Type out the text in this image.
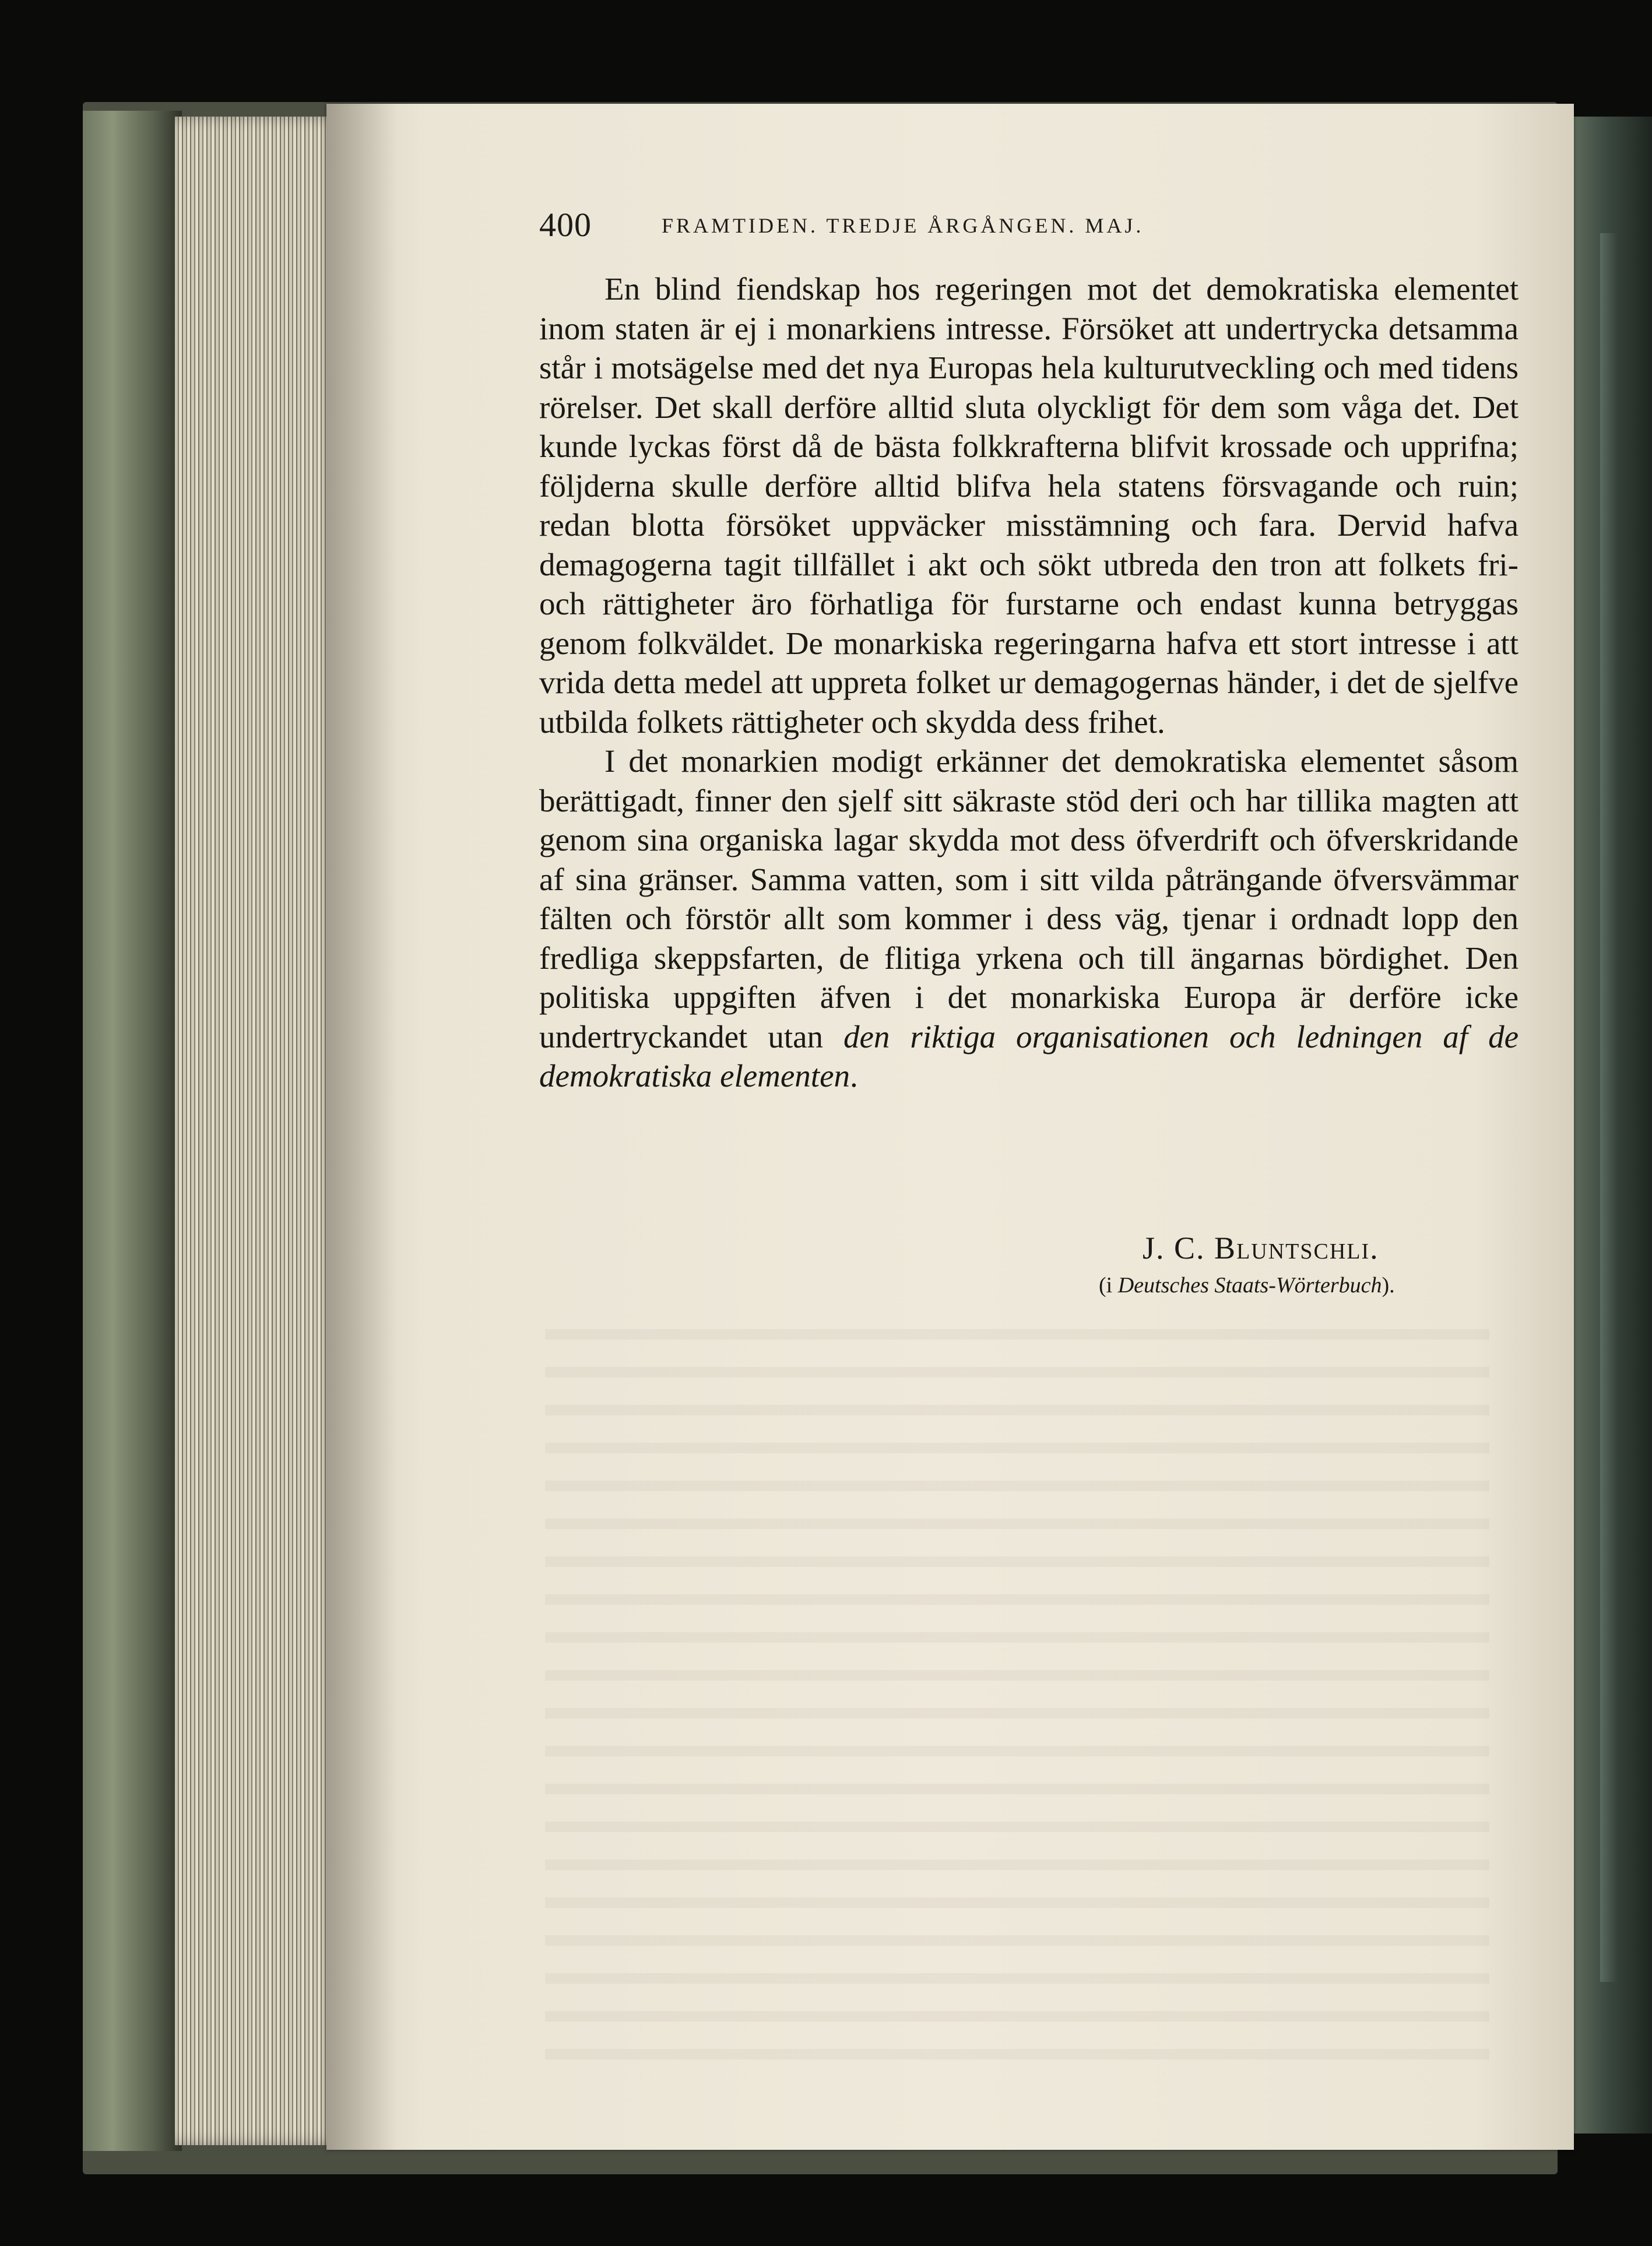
400	FRAMTIDEN. TREDJE ÅRGÅNGEN. MAJ.

En blind fiendskap hos regeringen mot det demokratiska elementet inom staten är ej i monarkiens intresse. Försöket att undertrycka detsamma står i motsägelse med det nya Europas hela kulturutveckling och med tidens rörelser. Det skall derföre alltid sluta olyckligt för dem som våga det. Det kunde lyckas först då de bästa folkkrafterna blifvit krossade och upprifna; följderna skulle derföre alltid blifva hela statens försvagande och ruin; redan blotta försöket uppväcker misstämning och fara. Dervid hafva demagogerna tagit tillfället i akt och sökt utbreda den tron att folkets fri- och rättigheter äro förhatliga för furstarne och endast kunna betryggas genom folkväldet. De monarkiska regeringarna hafva ett stort intresse i att vrida detta medel att uppreta folket ur demagogernas händer, i det de sjelfve utbilda folkets rättigheter och skydda dess frihet.

I det monarkien modigt erkänner det demokratiska elementet såsom berättigadt, finner den sjelf sitt säkraste stöd deri och har tillika magten att genom sina organiska lagar skydda mot dess öfverdrift och öfverskridande af sina gränser. Samma vatten, som i sitt vilda påträngande öfversvämmar fälten och förstör allt som kommer i dess väg, tjenar i ordnadt lopp den fredliga skeppsfarten, de flitiga yrkena och till ängarnas bördighet. Den politiska uppgiften äfven i det monarkiska Europa är derföre icke undertryckandet utan den riktiga organisationen och ledningen af de demokratiska elementen.

J. C. Bluntschli.
(i Deutsches Staats-Wörterbuch).
